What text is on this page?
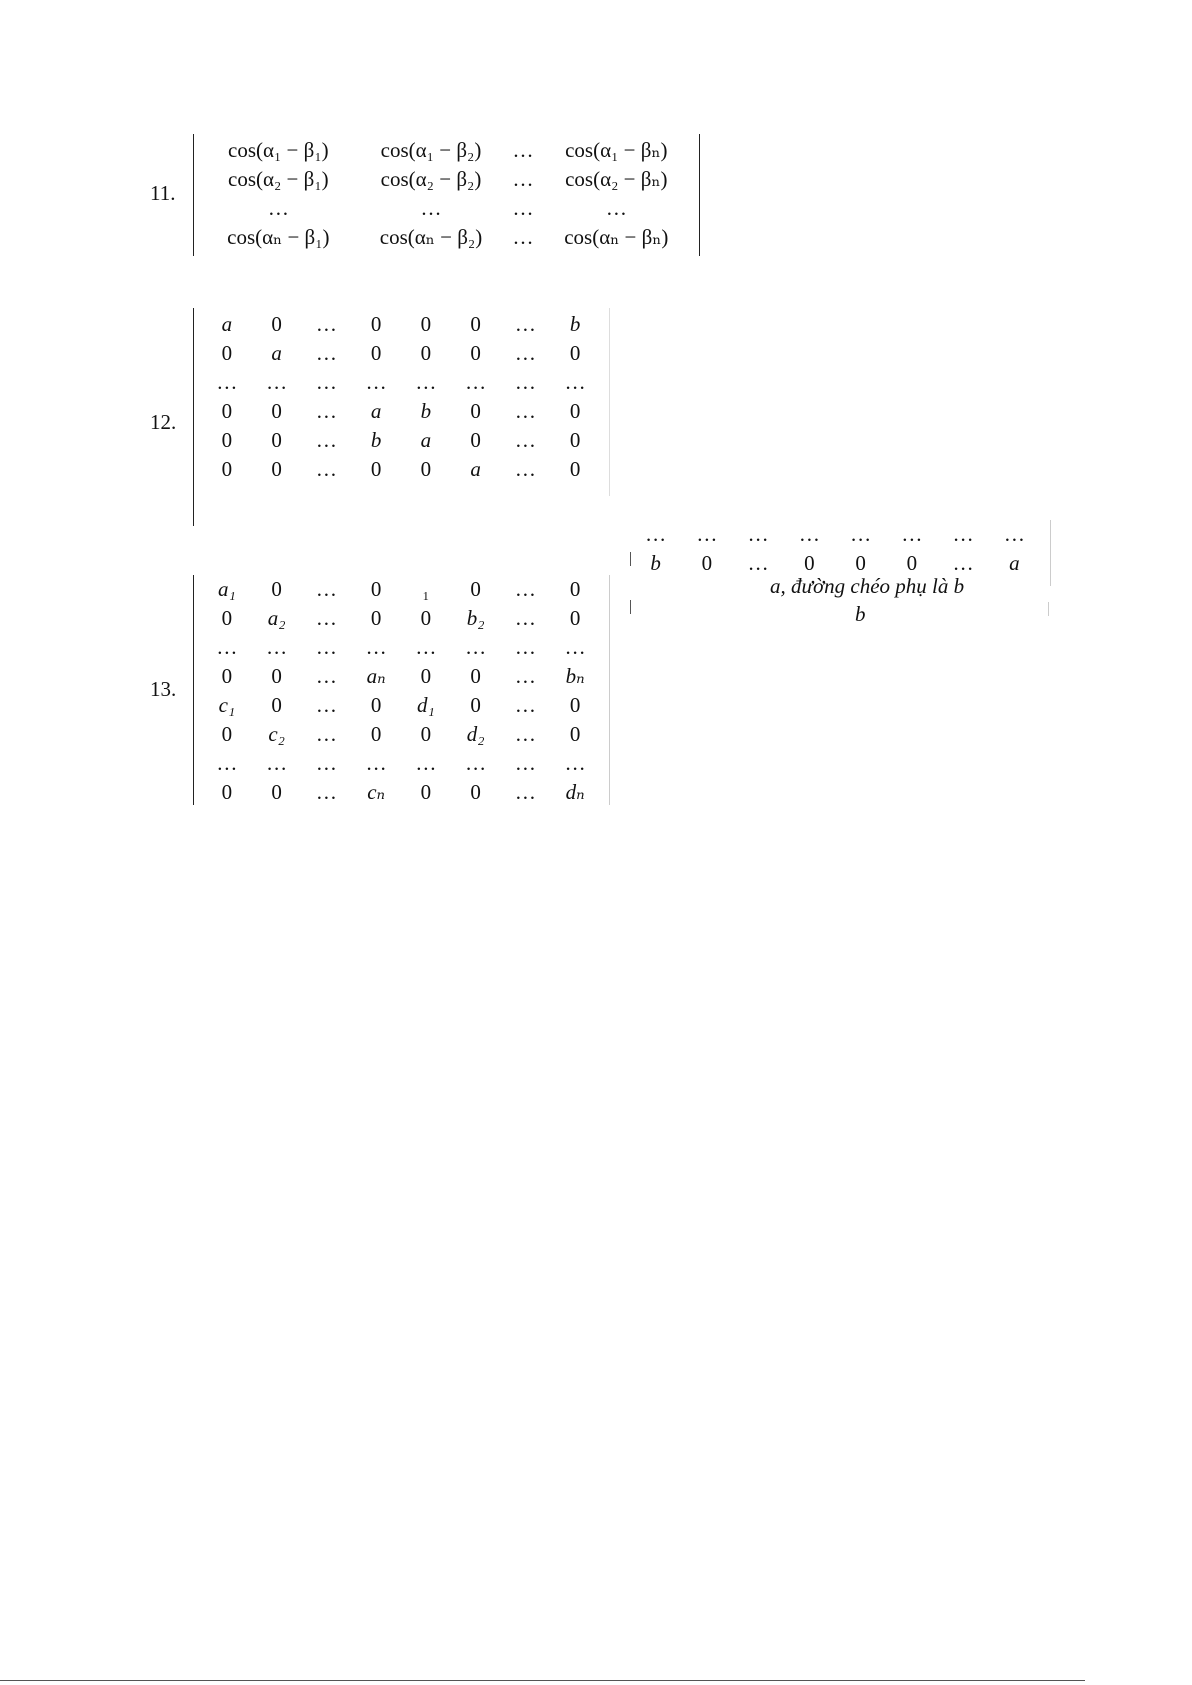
11.
cos(α₁ − β₁)	cos(α₁ − β₂)	…	cos(α₁ − βₙ)
cos(α₂ − β₁)	cos(α₂ − β₂)	…	cos(α₂ − βₙ)
…	…	…	…
cos(αₙ − β₁)	cos(αₙ − β₂)	…	cos(αₙ − βₙ)
12.
a	0	…	0	0	0	…	b
0	a	…	0	0	0	…	0
…	…	…	…	…	…	…	…
0	0	…	a	b	0	…	0
0	0	…	b	a	0	…	0
0	0	…	0	0	a	…	0
…	…	…	…	…	…	…	…
b	0	…	0	0	0	…	a
a, đường chéo phụ là b
b
13.
a₁	0	…	0	₁	0	…	0
0	a₂	…	0	0	b₂	…	0
…	…	…	…	…	…	…	…
0	0	…	aₙ	0	0	…	bₙ
c₁	0	…	0	d₁	0	…	0
0	c₂	…	0	0	d₂	…	0
…	…	…	…	…	…	…	…
0	0	…	cₙ	0	0	…	dₙ
